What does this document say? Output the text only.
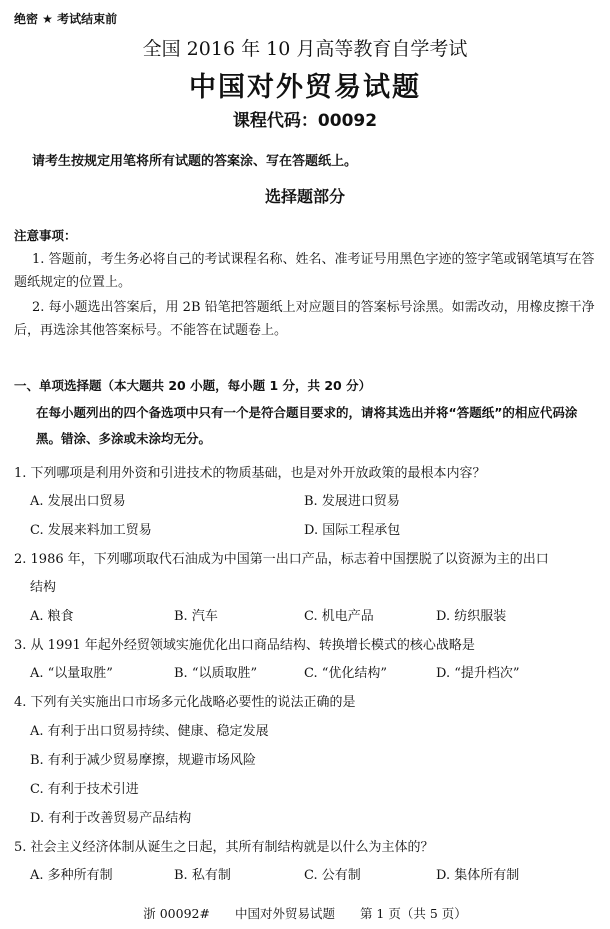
绝密 ★ 考试结束前
全国 2016 年 10 月高等教育自学考试
中国对外贸易试题
课程代码：00092
请考生按规定用笔将所有试题的答案涂、写在答题纸上。
选择题部分
注意事项：
1. 答题前，考生务必将自己的考试课程名称、姓名、准考证号用黑色字迹的签字笔或钢笔填写在答题纸规定的位置上。
2. 每小题选出答案后，用 2B 铅笔把答题纸上对应题目的答案标号涂黑。如需改动，用橡皮擦干净后，再选涂其他答案标号。不能答在试题卷上。
一、单项选择题（本大题共 20 小题，每小题 1 分，共 20 分）
在每小题列出的四个备选项中只有一个是符合题目要求的，请将其选出并将“答题纸”的相应代码涂黑。错涂、多涂或未涂均无分。
1. 下列哪项是利用外资和引进技术的物质基础，也是对外开放政策的最根本内容？
A. 发展出口贸易	B. 发展进口贸易
C. 发展来料加工贸易	D. 国际工程承包
2. 1986 年，下列哪项取代石油成为中国第一出口产品，标志着中国摆脱了以资源为主的出口
结构
A. 粮食	B. 汽车	C. 机电产品	D. 纺织服装
3. 从 1991 年起外经贸领域实施优化出口商品结构、转换增长模式的核心战略是
A. “以量取胜”	B. “以质取胜”	C. “优化结构”	D. “提升档次”
4. 下列有关实施出口市场多元化战略必要性的说法正确的是
A. 有利于出口贸易持续、健康、稳定发展
B. 有利于减少贸易摩擦，规避市场风险
C. 有利于技术引进
D. 有利于改善贸易产品结构
5. 社会主义经济体制从诞生之日起，其所有制结构就是以什么为主体的？
A. 多种所有制	B. 私有制	C. 公有制	D. 集体所有制
浙 00092#　　中国对外贸易试题　　第 1 页（共 5 页）
